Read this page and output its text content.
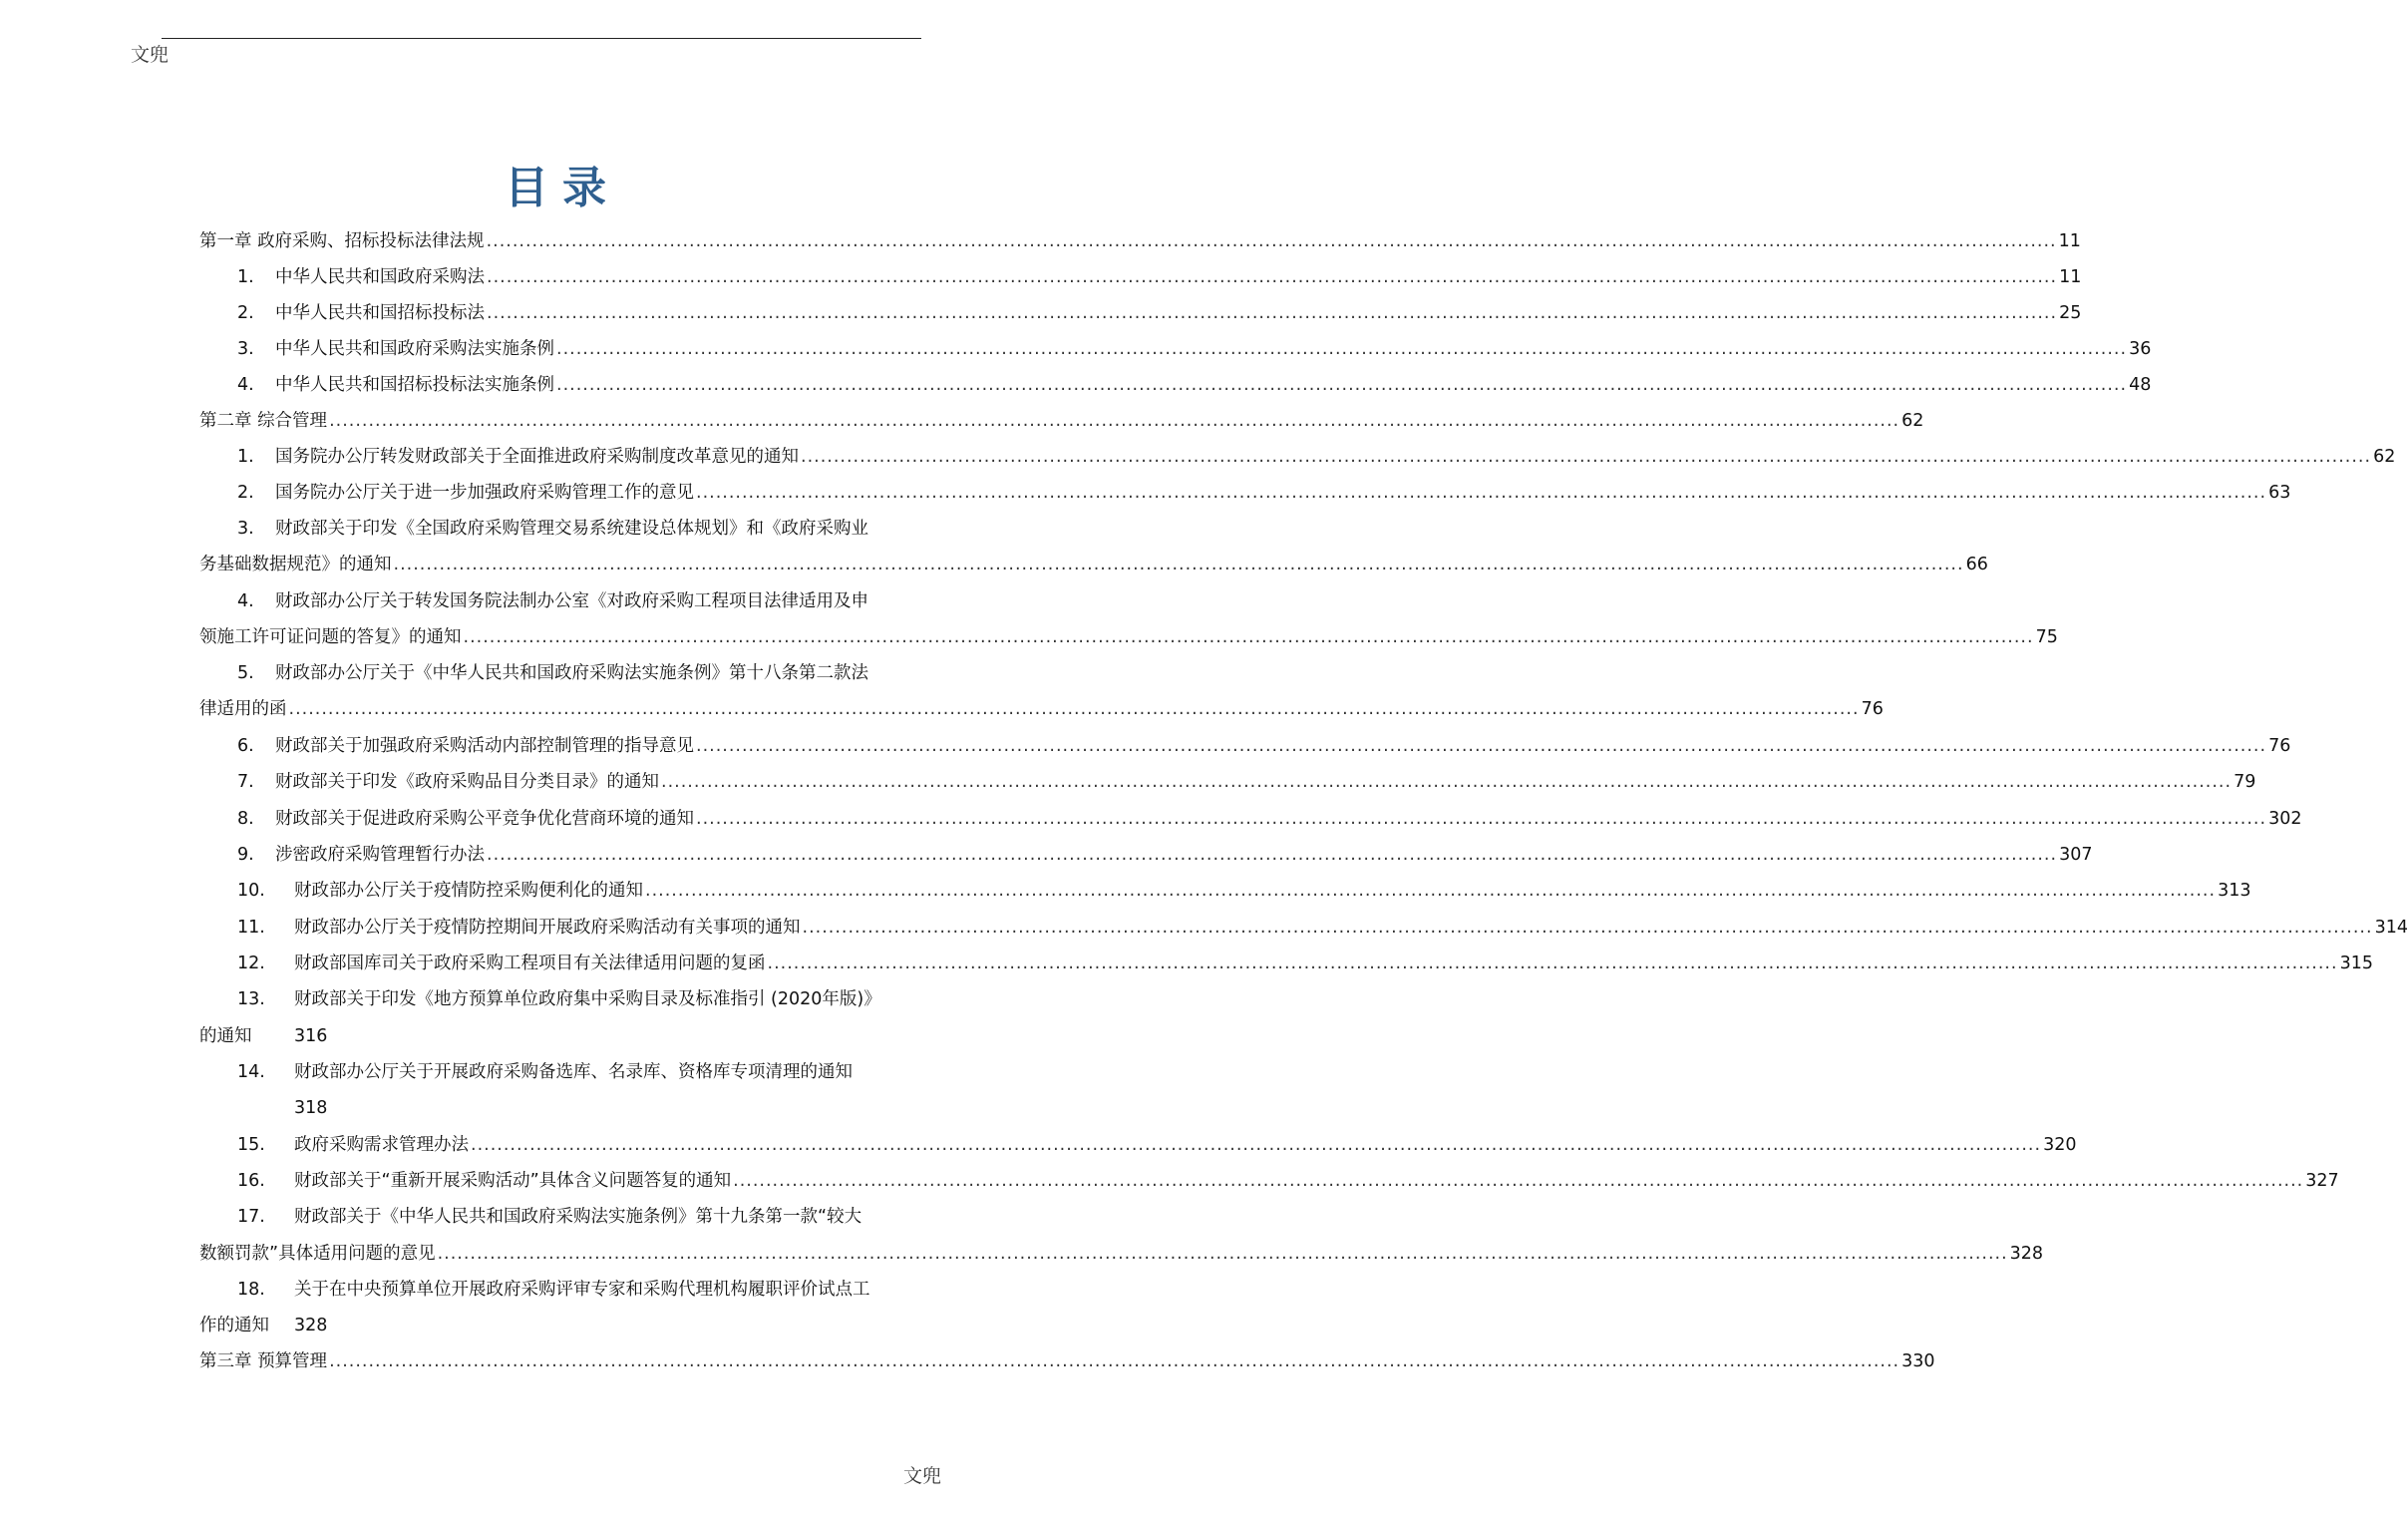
文兜
目录
第一章 政府采购、招标投标法律法规 ................................................................................................................................................................................................................................................ 11
1.	中华人民共和国政府采购法 ................................................................................................................................................................................................................................................ 11
2.	中华人民共和国招标投标法 ................................................................................................................................................................................................................................................ 25
3.	中华人民共和国政府采购法实施条例 ................................................................................................................................................................................................................................................ 36
4.	中华人民共和国招标投标法实施条例 ................................................................................................................................................................................................................................................ 48
第二章 综合管理 ................................................................................................................................................................................................................................................ 62
1.	国务院办公厅转发财政部关于全面推进政府采购制度改革意见的通知 ................................................................................................................................................................................................................................................ 62
2.	国务院办公厅关于进一步加强政府采购管理工作的意见 ................................................................................................................................................................................................................................................ 63
3.	财政部关于印发《全国政府采购管理交易系统建设总体规划》和《政府采购业
务基础数据规范》的通知 ................................................................................................................................................................................................................................................ 66
4.	财政部办公厅关于转发国务院法制办公室《对政府采购工程项目法律适用及申
领施工许可证问题的答复》的通知 ................................................................................................................................................................................................................................................ 75
5.	财政部办公厅关于《中华人民共和国政府采购法实施条例》第十八条第二款法
律适用的函 ................................................................................................................................................................................................................................................ 76
6.	财政部关于加强政府采购活动内部控制管理的指导意见 ................................................................................................................................................................................................................................................ 76
7.	财政部关于印发《政府采购品目分类目录》的通知 ................................................................................................................................................................................................................................................ 79
8.	财政部关于促进政府采购公平竞争优化营商环境的通知 ................................................................................................................................................................................................................................................ 302
9.	涉密政府采购管理暂行办法 ................................................................................................................................................................................................................................................ 307
10.	财政部办公厅关于疫情防控采购便利化的通知 ................................................................................................................................................................................................................................................ 313
11.	财政部办公厅关于疫情防控期间开展政府采购活动有关事项的通知 ................................................................................................................................................................................................................................................ 314
12.	财政部国库司关于政府采购工程项目有关法律适用问题的复函 ................................................................................................................................................................................................................................................ 315
13.	财政部关于印发《地方预算单位政府集中采购目录及标准指引 (2020年版)》
的通知	316
14.	财政部办公厅关于开展政府采购备选库、名录库、资格库专项清理的通知
318
15.	政府采购需求管理办法 ................................................................................................................................................................................................................................................ 320
16.	财政部关于“重新开展采购活动”具体含义问题答复的通知 ................................................................................................................................................................................................................................................ 327
17.	财政部关于《中华人民共和国政府采购法实施条例》第十九条第一款“较大
数额罚款”具体适用问题的意见 ................................................................................................................................................................................................................................................ 328
18.	关于在中央预算单位开展政府采购评审专家和采购代理机构履职评价试点工
作的通知	328
第三章 预算管理 ................................................................................................................................................................................................................................................ 330
文兜
